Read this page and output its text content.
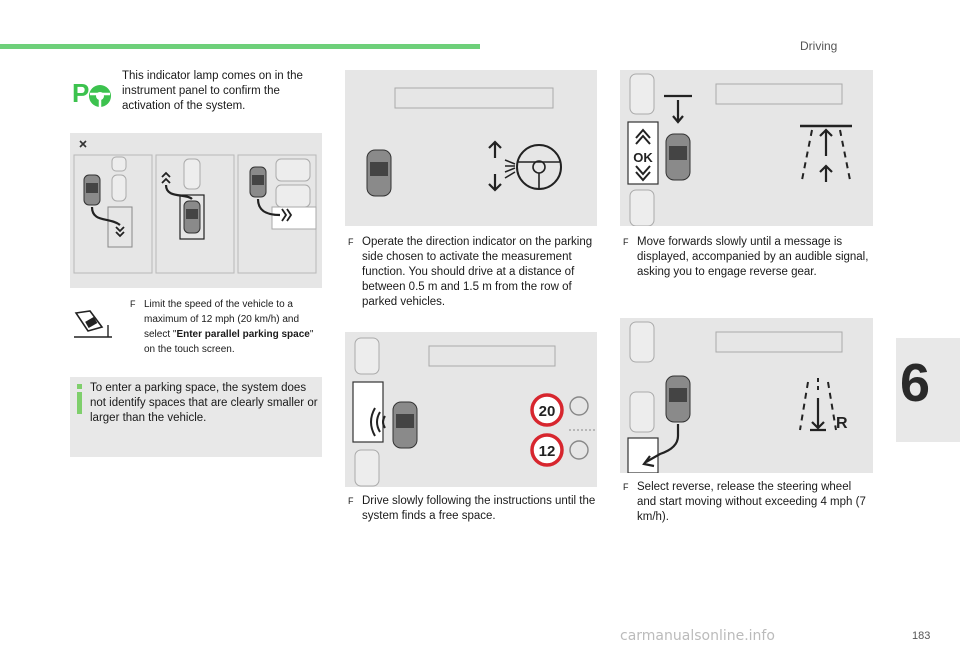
Driving
6
183
carmanualsonline.info
P
This indicator lamp comes on in the instrument panel to confirm the activation of the system.
F Limit the speed of the vehicle to a maximum of 12 mph (20 km/h) and select "Enter parallel parking space" on the touch screen.
To enter a parking space, the system does not identify spaces that are clearly smaller or larger than the vehicle.
F Operate the direction indicator on the parking side chosen to activate the measurement function. You should drive at a distance of between 0.5 m and 1.5 m from the row of parked vehicles.
20
12
F Drive slowly following the instructions until the system finds a free space.
OK
F Move forwards slowly until a message is displayed, accompanied by an audible signal, asking you to engage reverse gear.
R
F Select reverse, release the steering wheel and start moving without exceeding 4 mph (7 km/h).
